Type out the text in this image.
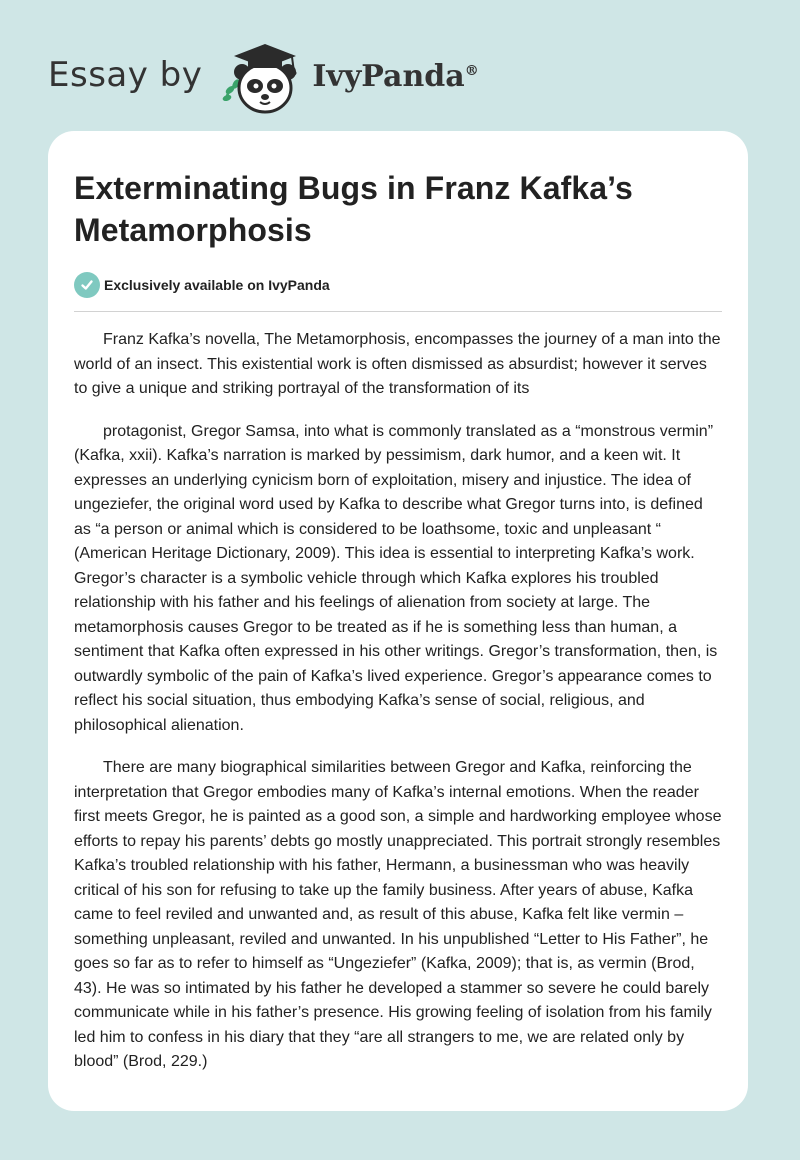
Essay by	IvyPanda®
Exterminating Bugs in Franz Kafka’s Metamorphosis
Exclusively available on IvyPanda

Franz Kafka’s novella, The Metamorphosis, encompasses the journey of a man into the world of an insect. This existential work is often dismissed as absurdist; however it serves to give a unique and striking portrayal of the transformation of its

protagonist, Gregor Samsa, into what is commonly translated as a “monstrous vermin” (Kafka, xxii). Kafka’s narration is marked by pessimism, dark humor, and a keen wit. It expresses an underlying cynicism born of exploitation, misery and injustice. The idea of ungeziefer, the original word used by Kafka to describe what Gregor turns into, is defined as “a person or animal which is considered to be loathsome, toxic and unpleasant “ (American Heritage Dictionary, 2009). This idea is essential to interpreting Kafka’s work. Gregor’s character is a symbolic vehicle through which Kafka explores his troubled relationship with his father and his feelings of alienation from society at large. The metamorphosis causes Gregor to be treated as if he is something less than human, a sentiment that Kafka often expressed in his other writings. Gregor’s transformation, then, is outwardly symbolic of the pain of Kafka’s lived experience. Gregor’s appearance comes to reflect his social situation, thus embodying Kafka’s sense of social, religious, and philosophical alienation.

There are many biographical similarities between Gregor and Kafka, reinforcing the interpretation that Gregor embodies many of Kafka’s internal emotions. When the reader first meets Gregor, he is painted as a good son, a simple and hardworking employee whose efforts to repay his parents’ debts go mostly unappreciated. This portrait strongly resembles Kafka’s troubled relationship with his father, Hermann, a businessman who was heavily critical of his son for refusing to take up the family business. After years of abuse, Kafka came to feel reviled and unwanted and, as result of this abuse, Kafka felt like vermin – something unpleasant, reviled and unwanted. In his unpublished “Letter to His Father”, he goes so far as to refer to himself as “Ungeziefer” (Kafka, 2009); that is, as vermin (Brod, 43). He was so intimated by his father he developed a stammer so severe he could barely communicate while in his father’s presence. His growing feeling of isolation from his family led him to confess in his diary that they “are all strangers to me, we are related only by blood” (Brod, 229.)
